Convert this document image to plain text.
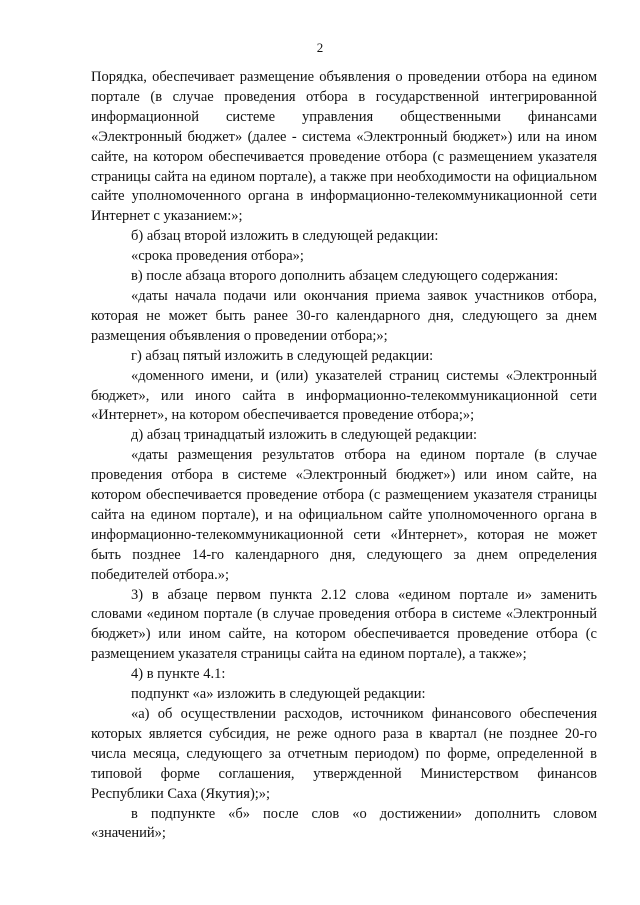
2

Порядка, обеспечивает размещение объявления о проведении отбора на едином портале (в случае проведения отбора в государственной интегрированной информационной системе управления общественными финансами «Электронный бюджет» (далее - система «Электронный бюджет») или на ином сайте, на котором обеспечивается проведение отбора (с размещением указателя страницы сайта на едином портале), а также при необходимости на официальном сайте уполномоченного органа в информационно-телекоммуникационной сети Интернет с указанием:»;

б) абзац второй изложить в следующей редакции:

«срока проведения отбора»;

в) после абзаца второго дополнить абзацем следующего содержания:

«даты начала подачи или окончания приема заявок участников отбора, которая не может быть ранее 30-го календарного дня, следующего за днем размещения объявления о проведении отбора;»;

г) абзац пятый изложить в следующей редакции:

«доменного имени, и (или) указателей страниц системы «Электронный бюджет», или иного сайта в информационно-телекоммуникационной сети «Интернет», на котором обеспечивается проведение отбора;»;

д) абзац тринадцатый изложить в следующей редакции:

«даты размещения результатов отбора на едином портале (в случае проведения отбора в системе «Электронный бюджет») или ином сайте, на котором обеспечивается проведение отбора (с размещением указателя страницы сайта на едином портале), и на официальном сайте уполномоченного органа в информационно-телекоммуникационной сети «Интернет», которая не может быть позднее 14-го календарного дня, следующего за днем определения победителей отбора.»;

3) в абзаце первом пункта 2.12 слова «едином портале и» заменить словами «едином портале (в случае проведения отбора в системе «Электронный бюджет») или ином сайте, на котором обеспечивается проведение отбора (с размещением указателя страницы сайта на едином портале), а также»;

4) в пункте 4.1:

подпункт «а» изложить в следующей редакции:

«а) об осуществлении расходов, источником финансового обеспечения которых является субсидия, не реже одного раза в квартал (не позднее 20-го числа месяца, следующего за отчетным периодом) по форме, определенной в типовой форме соглашения, утвержденной Министерством финансов Республики Саха (Якутия);»;

в подпункте «б» после слов «о достижении» дополнить словом «значений»;
